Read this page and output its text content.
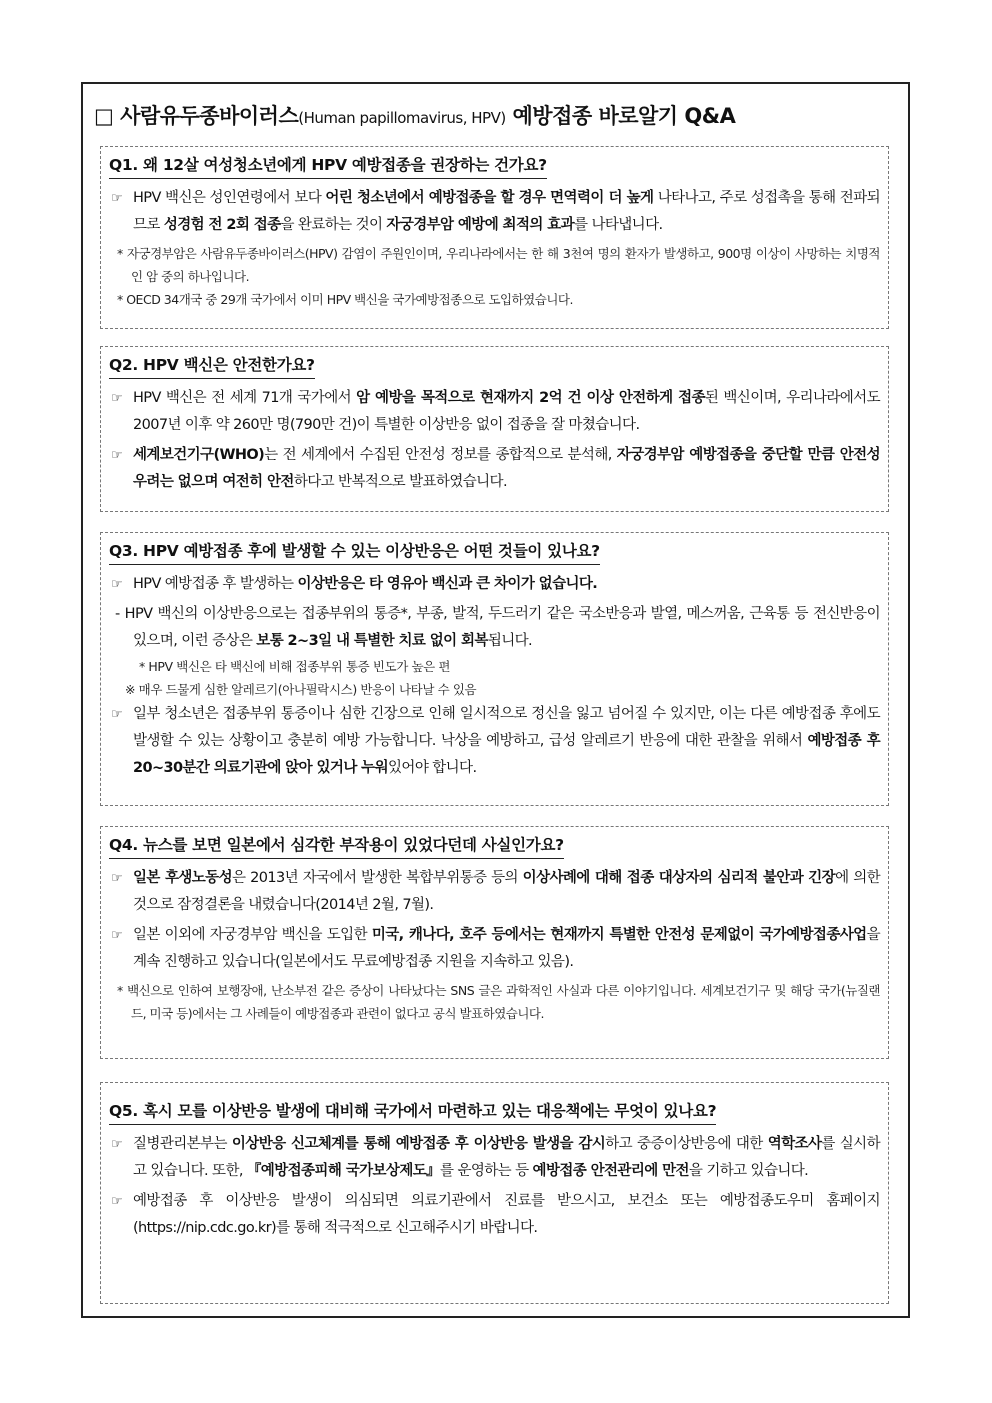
□ 사람유두종바이러스(Human papillomavirus, HPV) 예방접종 바로알기 Q&A
Q1. 왜 12살 여성청소년에게 HPV 예방접종을 권장하는 건가요?
☞ HPV 백신은 성인연령에서 보다 어린 청소년에서 예방접종을 할 경우 면역력이 더 높게 나타나고, 주로 성접촉을 통해 전파되므로 성경험 전 2회 접종을 완료하는 것이 자궁경부암 예방에 최적의 효과를 나타냅니다.
* 자궁경부암은 사람유두종바이러스(HPV) 감염이 주원인이며, 우리나라에서는 한 해 3천여 명의 환자가 발생하고, 900명 이상이 사망하는 치명적인 암 중의 하나입니다.
* OECD 34개국 중 29개 국가에서 이미 HPV 백신을 국가예방접종으로 도입하였습니다.
Q2. HPV 백신은 안전한가요?
☞ HPV 백신은 전 세계 71개 국가에서 암 예방을 목적으로 현재까지 2억 건 이상 안전하게 접종된 백신이며, 우리나라에서도 2007년 이후 약 260만 명(790만 건)이 특별한 이상반응 없이 접종을 잘 마쳤습니다.
☞ 세계보건기구(WHO)는 전 세계에서 수집된 안전성 정보를 종합적으로 분석해, 자궁경부암 예방접종을 중단할 만큼 안전성 우려는 없으며 여전히 안전하다고 반복적으로 발표하였습니다.
Q3. HPV 예방접종 후에 발생할 수 있는 이상반응은 어떤 것들이 있나요?
☞ HPV 예방접종 후 발생하는 이상반응은 타 영유아 백신과 큰 차이가 없습니다.
- HPV 백신의 이상반응으로는 접종부위의 통증*, 부종, 발적, 두드러기 같은 국소반응과 발열, 메스꺼움, 근육통 등 전신반응이 있으며, 이런 증상은 보통 2~3일 내 특별한 치료 없이 회복됩니다.
* HPV 백신은 타 백신에 비해 접종부위 통증 빈도가 높은 편
※ 매우 드물게 심한 알레르기(아나필락시스) 반응이 나타날 수 있음
☞ 일부 청소년은 접종부위 통증이나 심한 긴장으로 인해 일시적으로 정신을 잃고 넘어질 수 있지만, 이는 다른 예방접종 후에도 발생할 수 있는 상황이고 충분히 예방 가능합니다. 낙상을 예방하고, 급성 알레르기 반응에 대한 관찰을 위해서 예방접종 후 20~30분간 의료기관에 앉아 있거나 누워있어야 합니다.
Q4. 뉴스를 보면 일본에서 심각한 부작용이 있었다던데 사실인가요?
☞ 일본 후생노동성은 2013년 자국에서 발생한 복합부위통증 등의 이상사례에 대해 접종 대상자의 심리적 불안과 긴장에 의한 것으로 잠정결론을 내렸습니다(2014년 2월, 7월).
☞ 일본 이외에 자궁경부암 백신을 도입한 미국, 캐나다, 호주 등에서는 현재까지 특별한 안전성 문제없이 국가예방접종사업을 계속 진행하고 있습니다(일본에서도 무료예방접종 지원을 지속하고 있음).
* 백신으로 인하여 보행장애, 난소부전 같은 증상이 나타났다는 SNS 글은 과학적인 사실과 다른 이야기입니다. 세계보건기구 및 해당 국가(뉴질랜드, 미국 등)에서는 그 사례들이 예방접종과 관련이 없다고 공식 발표하였습니다.
Q5. 혹시 모를 이상반응 발생에 대비해 국가에서 마련하고 있는 대응책에는 무엇이 있나요?
☞ 질병관리본부는 이상반응 신고체계를 통해 예방접종 후 이상반응 발생을 감시하고 중증이상반응에 대한 역학조사를 실시하고 있습니다. 또한, 『예방접종피해 국가보상제도』를 운영하는 등 예방접종 안전관리에 만전을 기하고 있습니다.
☞ 예방접종 후 이상반응 발생이 의심되면 의료기관에서 진료를 받으시고, 보건소 또는 예방접종도우미 홈페이지(https://nip.cdc.go.kr)를 통해 적극적으로 신고해주시기 바랍니다.
